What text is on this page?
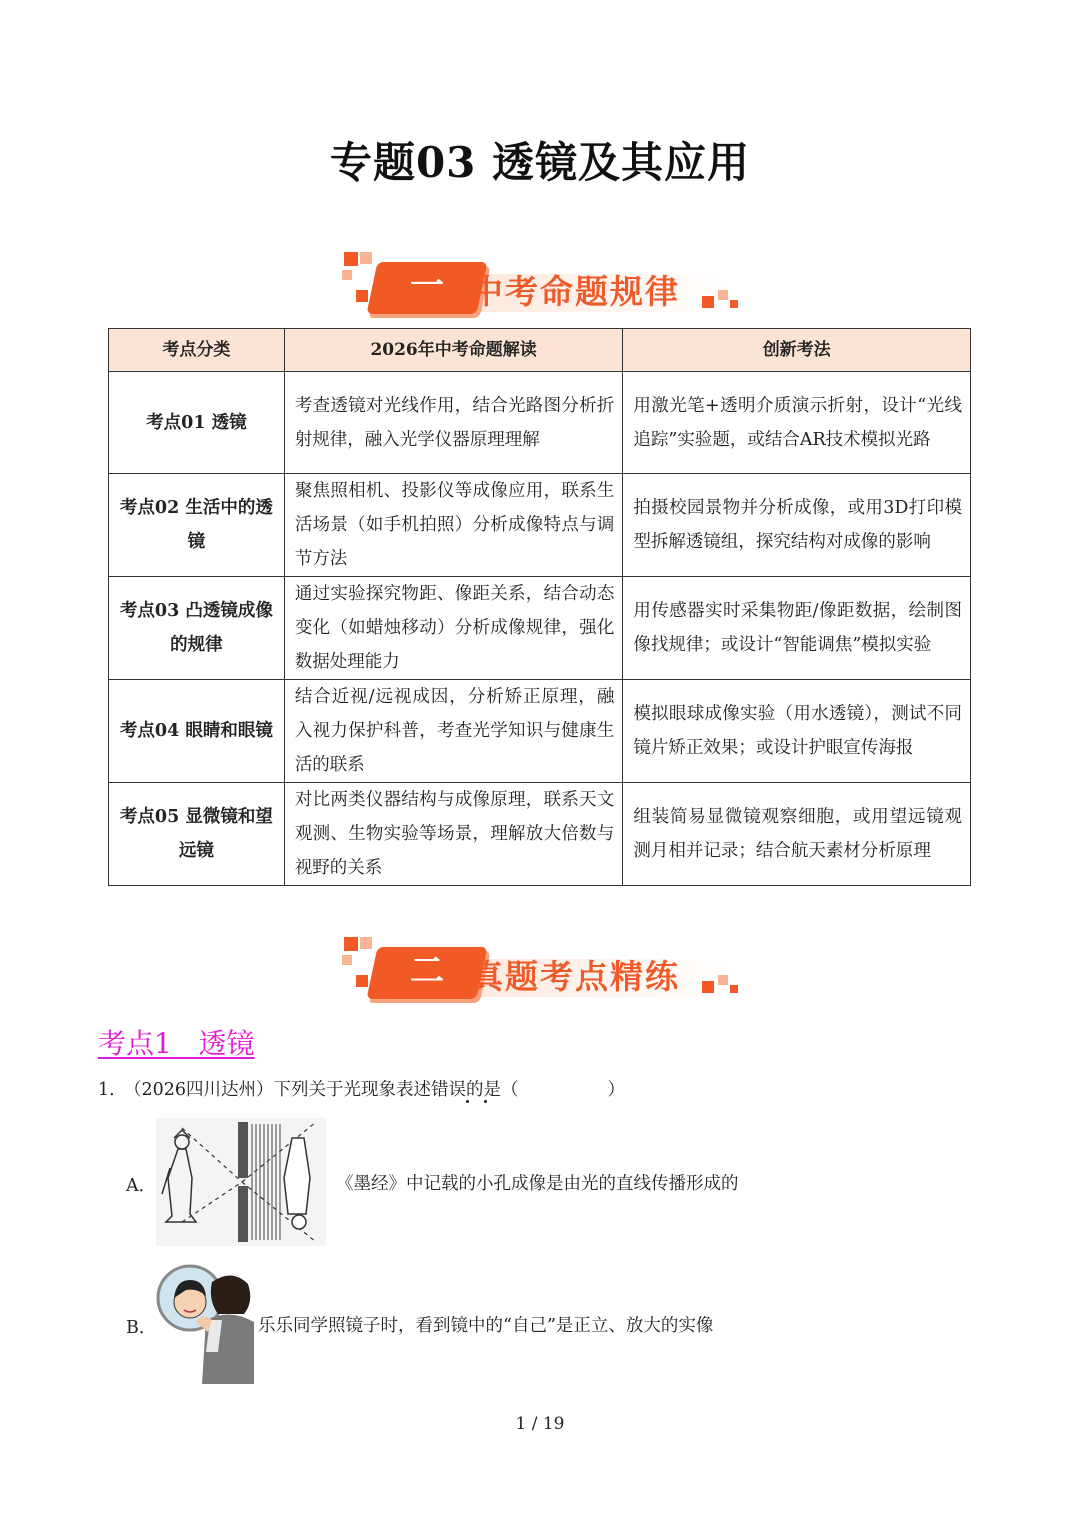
专题03 透镜及其应用
一 中考命题规律
考点分类	2026年中考命题解读	创新考法
考点01 透镜	考查透镜对光线作用，结合光路图分析折射规律，融入光学仪器原理理解	用激光笔+透明介质演示折射，设计“光线追踪”实验题，或结合AR技术模拟光路
考点02 生活中的透镜	聚焦照相机、投影仪等成像应用，联系生活场景（如手机拍照）分析成像特点与调节方法	拍摄校园景物并分析成像，或用3D打印模型拆解透镜组，探究结构对成像的影响
考点03 凸透镜成像的规律	通过实验探究物距、像距关系，结合动态变化（如蜡烛移动）分析成像规律，强化数据处理能力	用传感器实时采集物距/像距数据，绘制图像找规律；或设计“智能调焦”模拟实验
考点04 眼睛和眼镜	结合近视/远视成因，分析矫正原理，融入视力保护科普，考查光学知识与健康生活的联系	模拟眼球成像实验（用水透镜），测试不同镜片矫正效果；或设计护眼宣传海报
考点05 显微镜和望远镜	对比两类仪器结构与成像原理，联系天文观测、生物实验等场景，理解放大倍数与视野的关系	组装简易显微镜观察细胞，或用望远镜观测月相并记录；结合航天素材分析原理
二 真题考点精练
考点1   透镜
1．
（2026四川达州）下列关于光现象表述错误的是（                ）
A．	《墨经》中记载的小孔成像是由光的直线传播形成的
B．	乐乐同学照镜子时，看到镜中的“自己”是正立、放大的实像
1 / 19
